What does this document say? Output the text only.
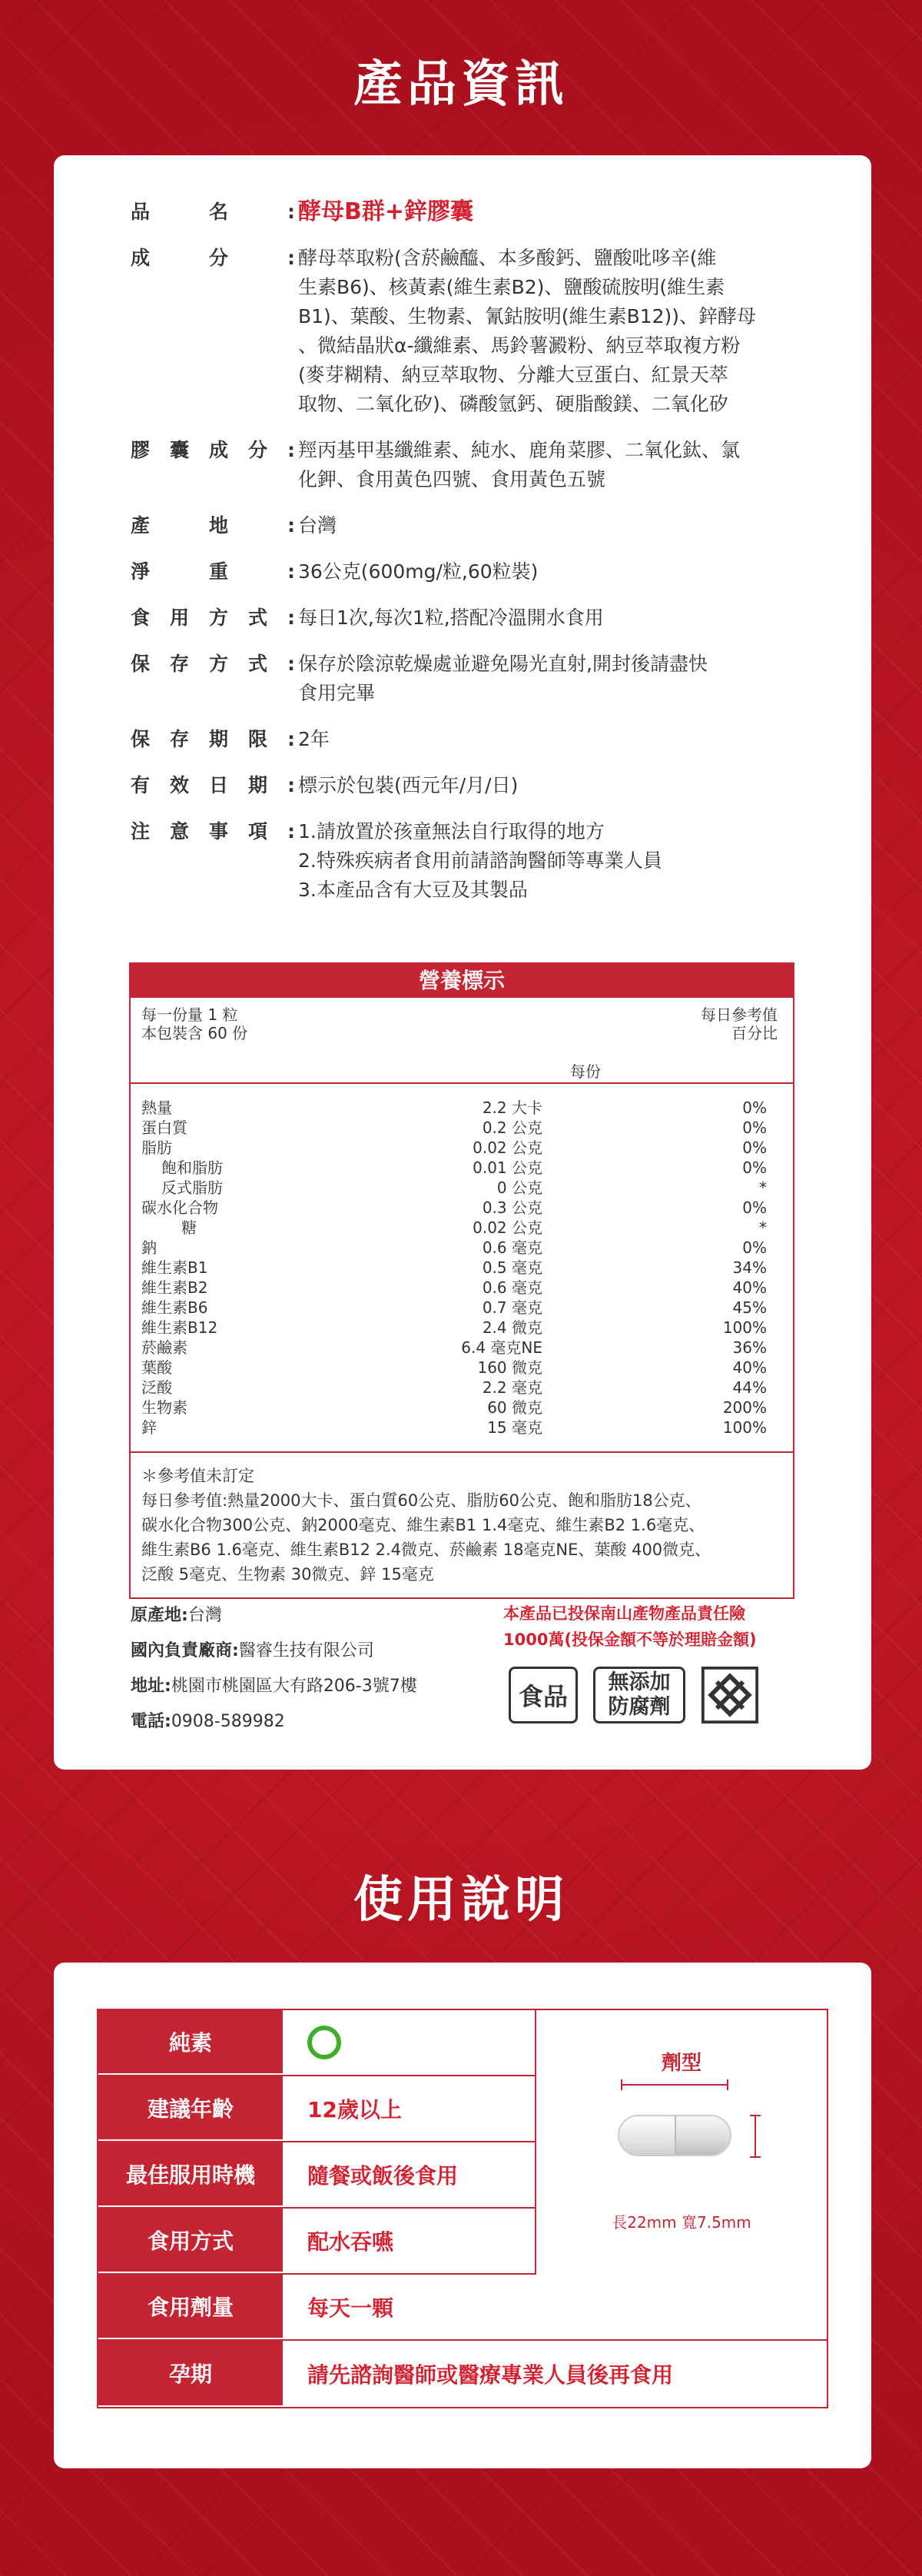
產品資訊
品	名	: 酵母B群+鋅膠囊
成	分	: 酵母萃取粉(含菸鹼醯、本多酸鈣、鹽酸吡哆辛(維
生素B6)、核黃素(維生素B2)、鹽酸硫胺明(維生素
B1)、葉酸、生物素、氰鈷胺明(維生素B12))、鋅酵母
、微結晶狀α-纖維素、馬鈴薯澱粉、納豆萃取複方粉
(麥芽糊精、納豆萃取物、分離大豆蛋白、紅景天萃
取物、二氧化矽)、磷酸氫鈣、硬脂酸鎂、二氧化矽
膠 囊 成 分 : 羥丙基甲基纖維素、純水、鹿角菜膠、二氧化鈦、氯
化鉀、食用黃色四號、食用黃色五號
產	地	: 台灣
淨	重	: 36公克(600mg/粒,60粒裝)
食 用 方 式 : 每日1次,每次1粒,搭配冷溫開水食用
保 存 方 式 : 保存於陰涼乾燥處並避免陽光直射,開封後請盡快
食用完畢
保 存 期 限 : 2年
有 效 日 期 : 標示於包裝(西元年/月/日)
注 意 事 項 : 1.請放置於孩童無法自行取得的地方
2.特殊疾病者食用前請諮詢醫師等專業人員
3.本產品含有大豆及其製品
營養標示
每一份量 1 粒
本包裝含 60 份
每份
每日參考值
百分比
熱量	2.2 大卡	0%
蛋白質	0.2 公克	0%
脂肪	0.02 公克	0%
飽和脂肪	0.01 公克	0%
反式脂肪	0 公克	*
碳水化合物	0.3 公克	0%
糖	0.02 公克	*
鈉	0.6 毫克	0%
維生素B1	0.5 毫克	34%
維生素B2	0.6 毫克	40%
維生素B6	0.7 毫克	45%
維生素B12	2.4 微克	100%
菸鹼素	6.4 毫克NE	36%
葉酸	160 微克	40%
泛酸	2.2 毫克	44%
生物素	60 微克	200%
鋅	15 毫克	100%
＊參考值未訂定
每日參考值:熱量2000大卡、蛋白質60公克、脂肪60公克、飽和脂肪18公克、
碳水化合物300公克、鈉2000毫克、維生素B1 1.4毫克、維生素B2 1.6毫克、
維生素B6 1.6毫克、維生素B12 2.4微克、菸鹼素 18毫克NE、葉酸 400微克、
泛酸 5毫克、生物素 30微克、鋅 15毫克
原產地:台灣
國內負責廠商:醫睿生技有限公司
地址:桃園市桃園區大有路206-3號7樓
電話:0908-589982
本產品已投保南山產物產品責任險
1000萬(投保金額不等於理賠金額)
食品	無添加
防腐劑
使用說明
劑型
長22mm 寬7.5mm
純素
建議年齡	12歲以上
最佳服用時機	隨餐或飯後食用
食用方式	配水吞嚥
食用劑量	每天一顆
孕期	請先諮詢醫師或醫療專業人員後再食用
